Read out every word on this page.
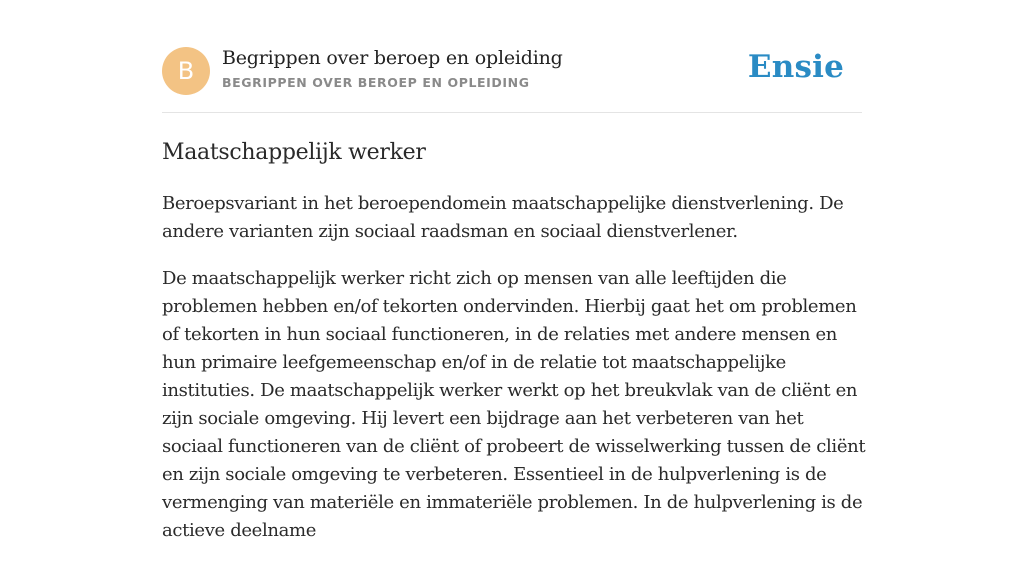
B	Begrippen over beroep en opleiding
BEGRIPPEN OVER BEROEP EN OPLEIDING	Ensie
Maatschappelijk werker

Beroepsvariant in het beroependomein maatschappelijke dienstverlening. De andere varianten zijn sociaal raadsman en sociaal dienstverlener.

De maatschappelijk werker richt zich op mensen van alle leeftijden die problemen hebben en/of tekorten ondervinden. Hierbij gaat het om problemen of tekorten in hun sociaal functioneren, in de relaties met andere mensen en hun primaire leefgemeenschap en/of in de relatie tot maatschappelijke instituties. De maatschappelijk werker werkt op het breukvlak van de cliënt en zijn sociale omgeving. Hij levert een bijdrage aan het verbeteren van het sociaal functioneren van de cliënt of probeert de wisselwerking tussen de cliënt en zijn sociale omgeving te verbeteren. Essentieel in de hulpverlening is de vermenging van materiële en immateriële problemen. In de hulpverlening is de actieve deelname
